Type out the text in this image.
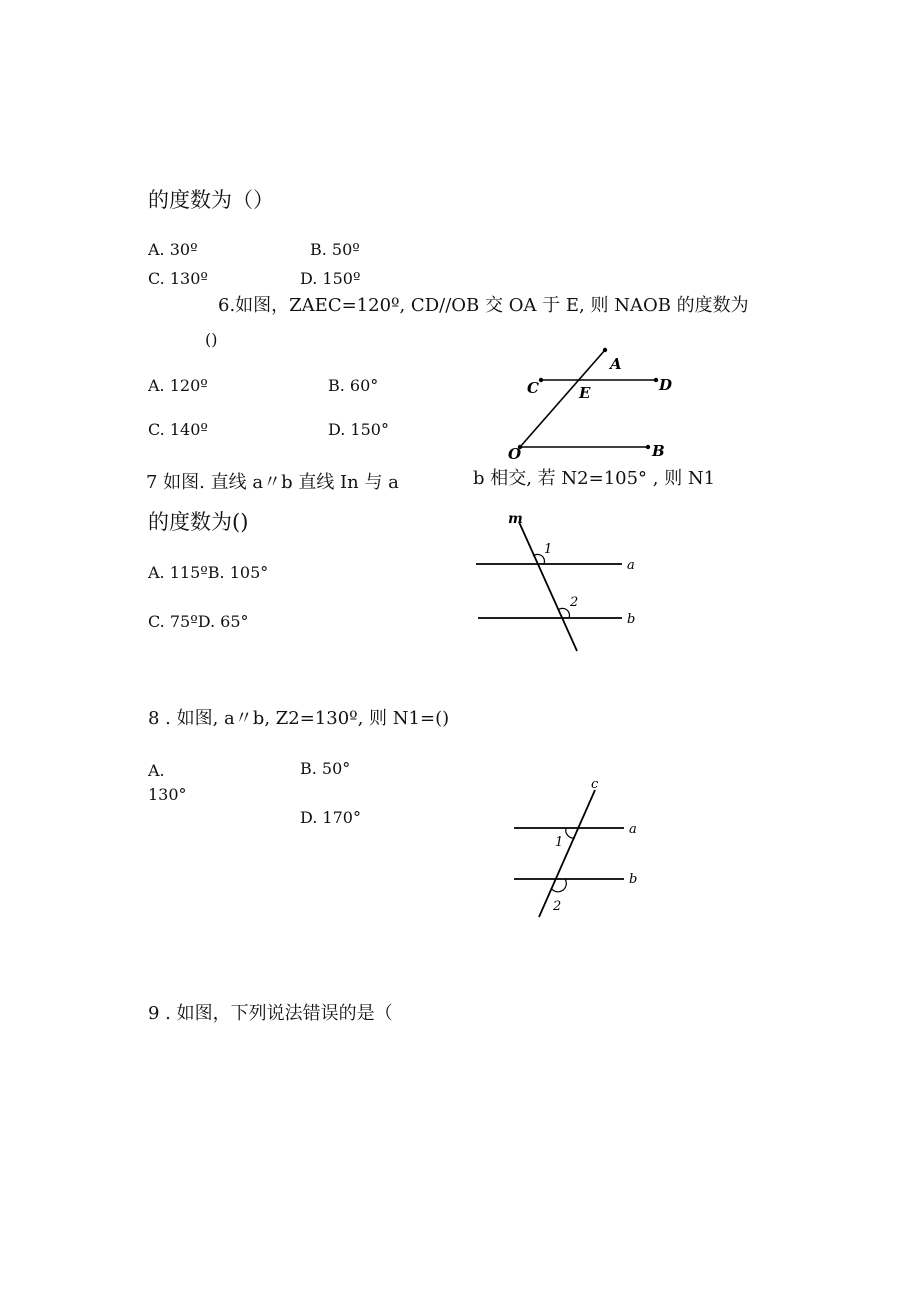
的度数为（）
A. 30º	B. 50º
C. 130º	D. 150º
6.如图，ZAEC=120º, CD//OB 交 OA 于 E, 则 NAOB 的度数为
()
A. 120º	B. 60°
C. 140º	D. 150°
A
C	E	D
O	B
7 如图. 直线 a〃b 直线 In 与 a	b 相交, 若 N2=105° , 则 N1
的度数为()
A. 115ºB. 105°
C. 75ºD. 65°
m
1
2
a
b
8 . 如图, a〃b, Z2=130º, 则 N1=()
A.	B. 50°
130°
D. 170°
c
1
a
b
2
9 . 如图，下列说法错误的是（
